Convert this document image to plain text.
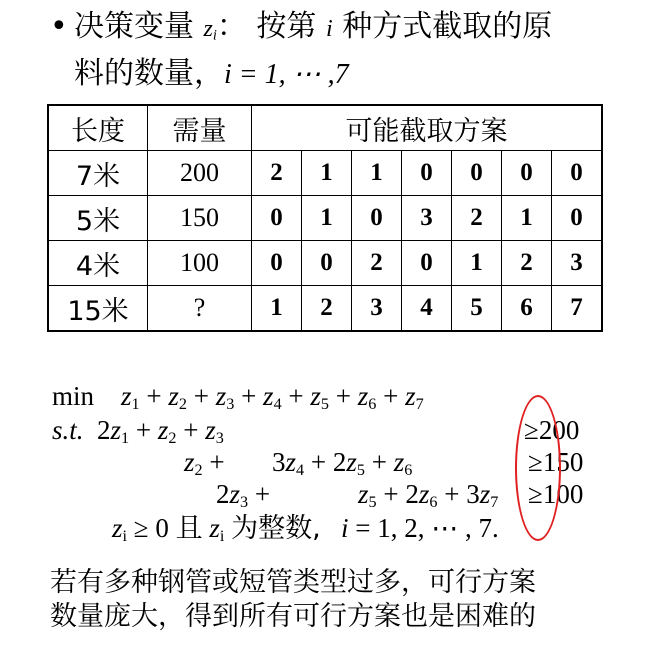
• 决策变量 $z_i$： 按第 i 种方式截取的原
料的数量，i = 1, ⋯ ,7
长度	需量	可能截取方案						
7米	200	2	1	1	0	0	0	0
5米	150	0	1	0	3	2	1	0
4米	100	0	0	2	0	1	2	3
15米	?	1	2	3	4	5	6	7
$\min z_1 + z_2 + z_3 + z_4 + z_5 + z_6 + z_7$
s.t. $2z_1 + z_2 + z_3$	≥200
$z_2 + 3z_4 + 2z_5 + z_6$	≥150
$2z_3$ +	$z_5 + 2z_6 + 3z_7 \ge 100$
$z_i \ge 0$ 且 $z_i$ 为整数, i = 1, 2, ⋯ , 7.
若有多种钢管或短管类型过多，可行方案
数量庞大，得到所有可行方案也是困难的
